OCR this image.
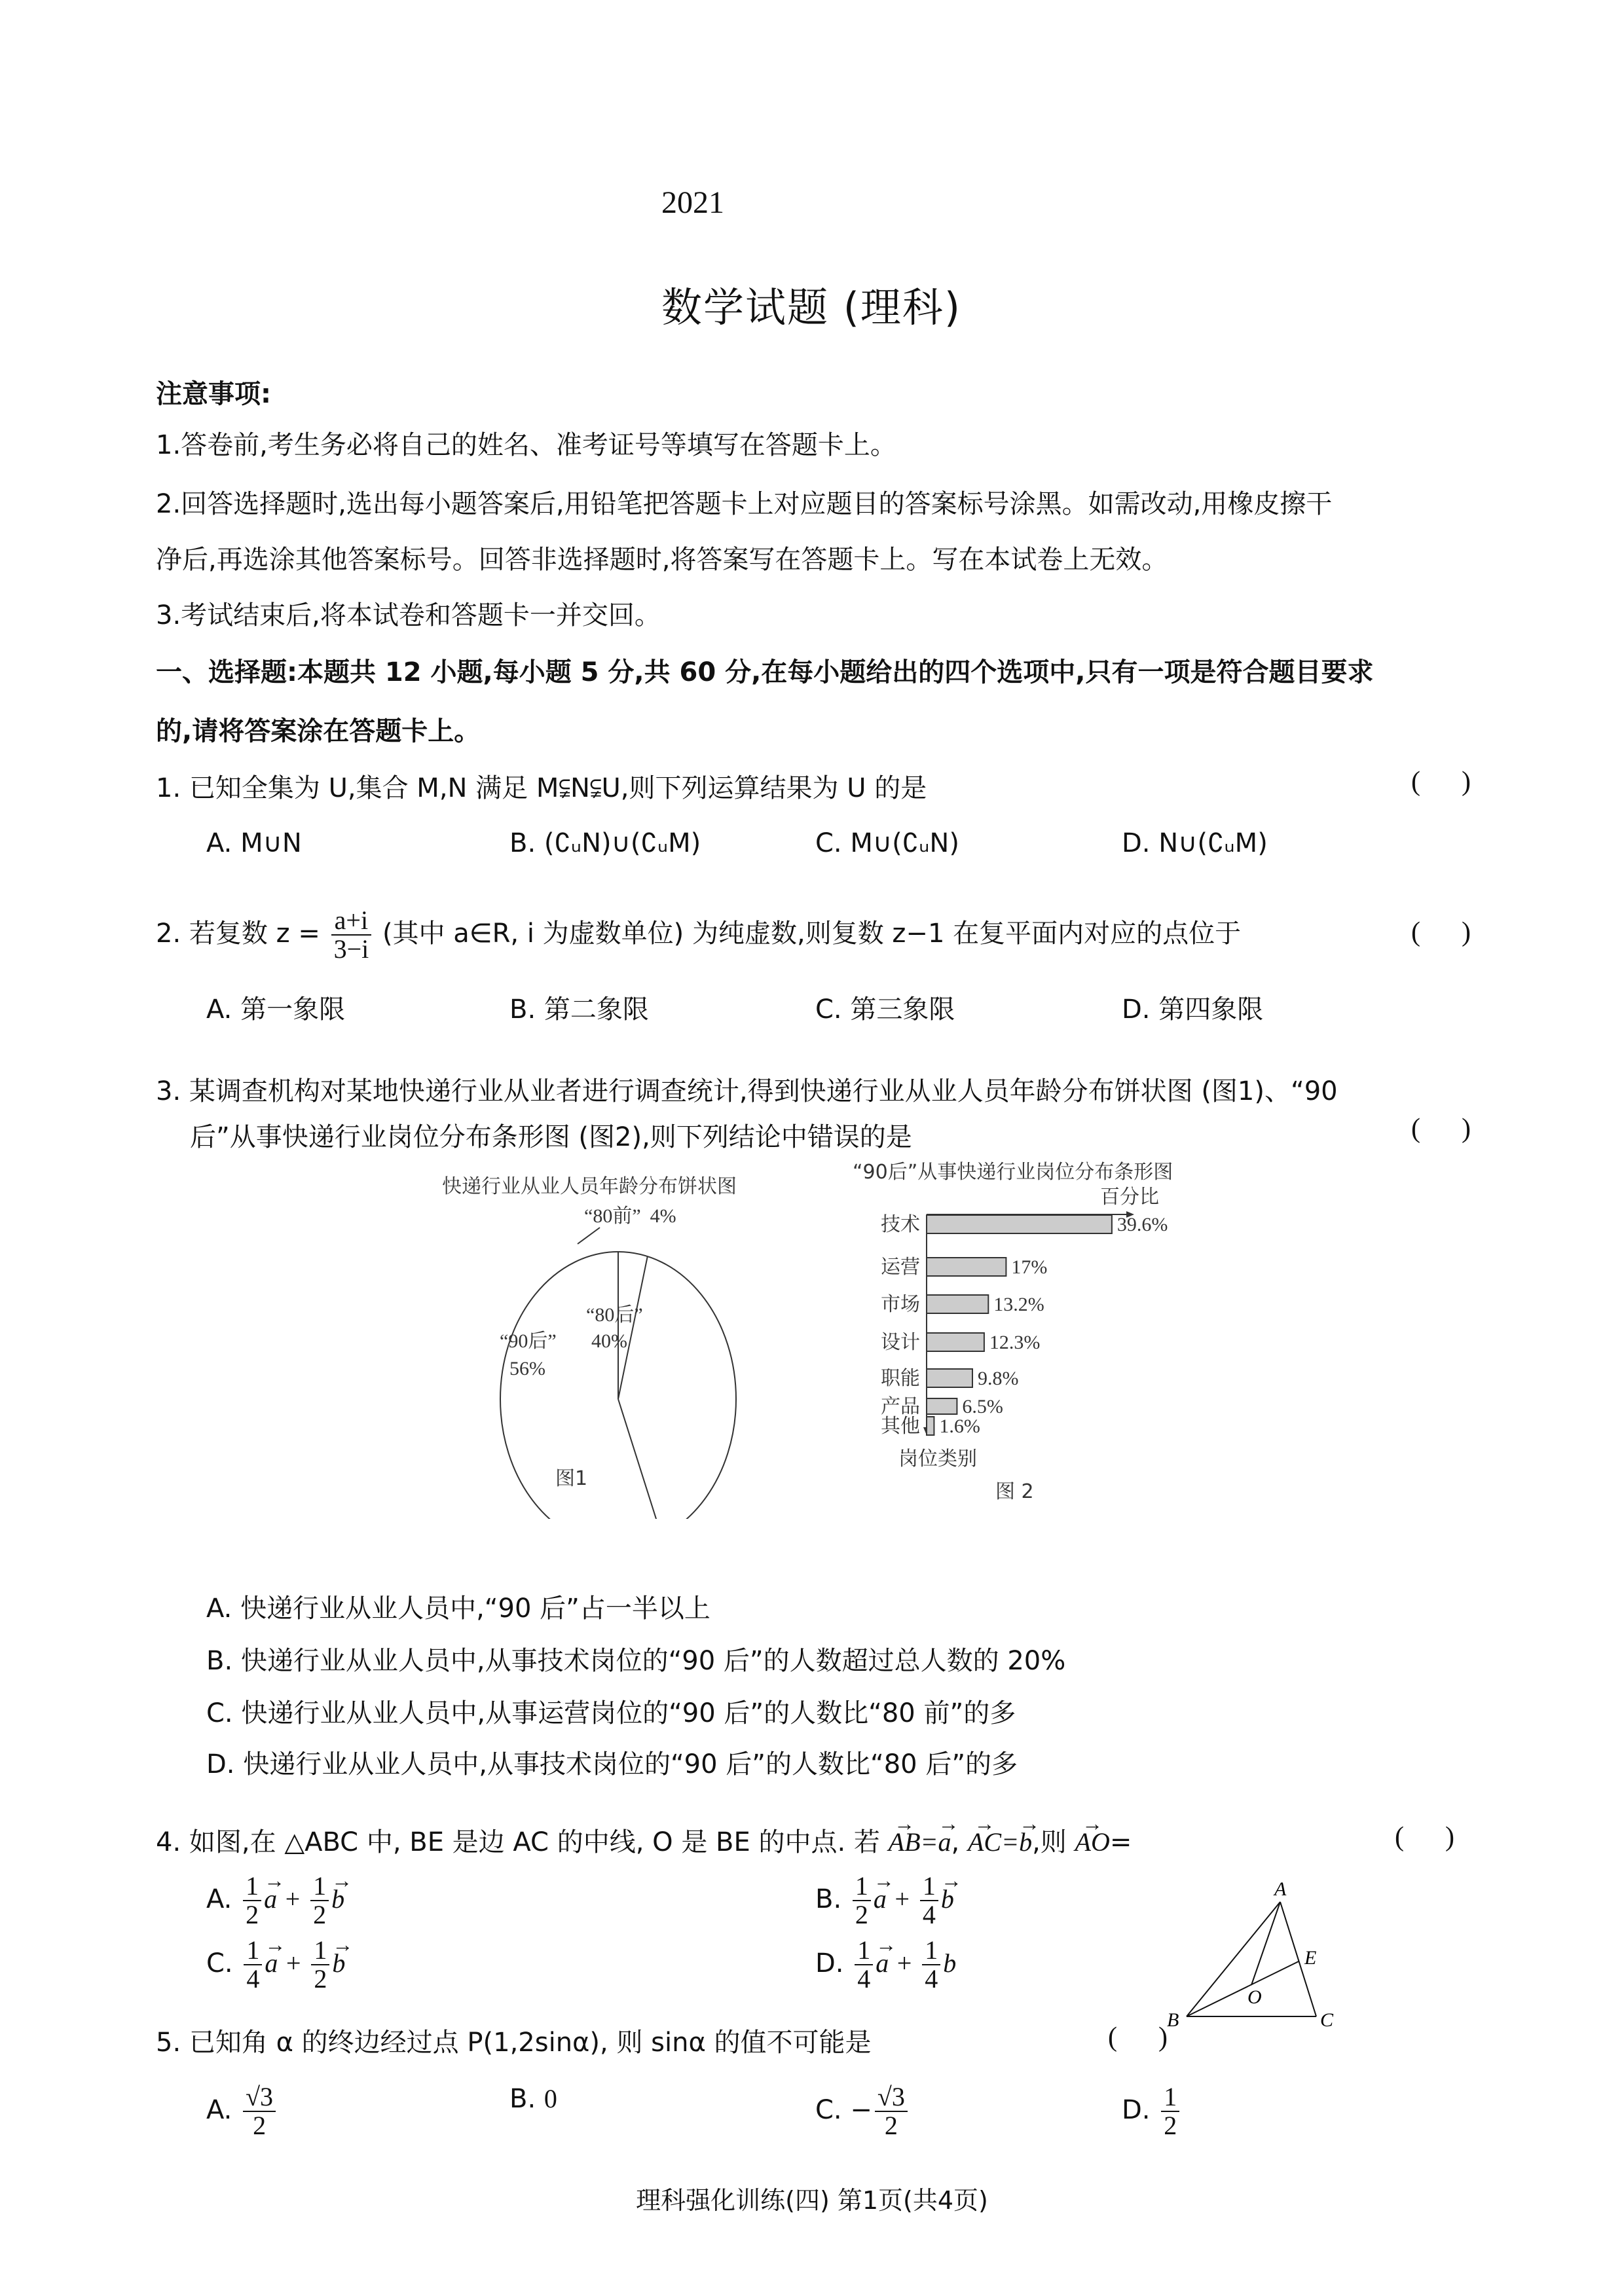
2021
数学试题 (理科)
注意事项:
1.答卷前,考生务必将自己的姓名、准考证号等填写在答题卡上。
2.回答选择题时,选出每小题答案后,用铅笔把答题卡上对应题目的答案标号涂黑。如需改动,用橡皮擦干
净后,再选涂其他答案标号。回答非选择题时,将答案写在答题卡上。写在本试卷上无效。
3.考试结束后,将本试卷和答题卡一并交回。
一、选择题:本题共 12 小题,每小题 5 分,共 60 分,在每小题给出的四个选项中,只有一项是符合题目要求
的,请将答案涂在答题卡上。
1. 已知全集为 U,集合 M,N 满足 M⫋N⫋U,则下列运算结果为 U 的是	(      )
A. M∪N	B. (∁ᵤN)∪(∁ᵤM)	C. M∪(∁ᵤN)	D. N∪(∁ᵤM)
2. 若复数 $z = \frac{a+i}{3-i}$ (其中 a∈R, i 为虚数单位) 为纯虚数,则复数 z−1 在复平面内对应的点位于	(      )
A. 第一象限	B. 第二象限	C. 第三象限	D. 第四象限
3. 某调查机构对某地快递行业从业者进行调查统计,得到快递行业从业人员年龄分布饼状图 (图1)、“90
后”从事快递行业岗位分布条形图 (图2),则下列结论中错误的是	(      )
快递行业从业人员年龄分布饼状图
“80前” 4%
“80后”
40%
“90后”
56%
图1
“90后”从事快递行业岗位分布条形图
百分比
技术	39.6%
运营	17%
市场	13.2%
设计	12.3%
职能	9.8%
产品 6.5%
其他 1.6%
岗位类别
图 2
A. 快递行业从业人员中,“90 后”占一半以上
B. 快递行业从业人员中,从事技术岗位的“90 后”的人数超过总人数的 20%
C. 快递行业从业人员中,从事运营岗位的“90 后”的人数比“80 前”的多
D. 快递行业从业人员中,从事技术岗位的“90 后”的人数比“80 后”的多
4. 如图,在 △ABC 中, BE 是边 AC 的中线, O 是 BE 的中点. 若 → AB=→ a, → AC=→ b,则 → AO=	(      )
A. $\frac{1}{2} \to a + \frac{1}{2} \to b$	B. $\frac{1}{2} \to a + \frac{1}{4} \to b$
C. $\frac{1}{4} \to a + \frac{1}{2} \to b$	D. $\frac{1}{4} \to a + \frac{1}{4}$ b
A
B	C
E
O
5. 已知角 α 的终边经过点 P(1,2sinα), 则 sinα 的值不可能是	(      )
A. $\frac{√3}{2}$	B. 0	C. − $\frac{√3}{2}$	D. $\frac{1}{2}$
理科强化训练(四) 第1页(共4页)
